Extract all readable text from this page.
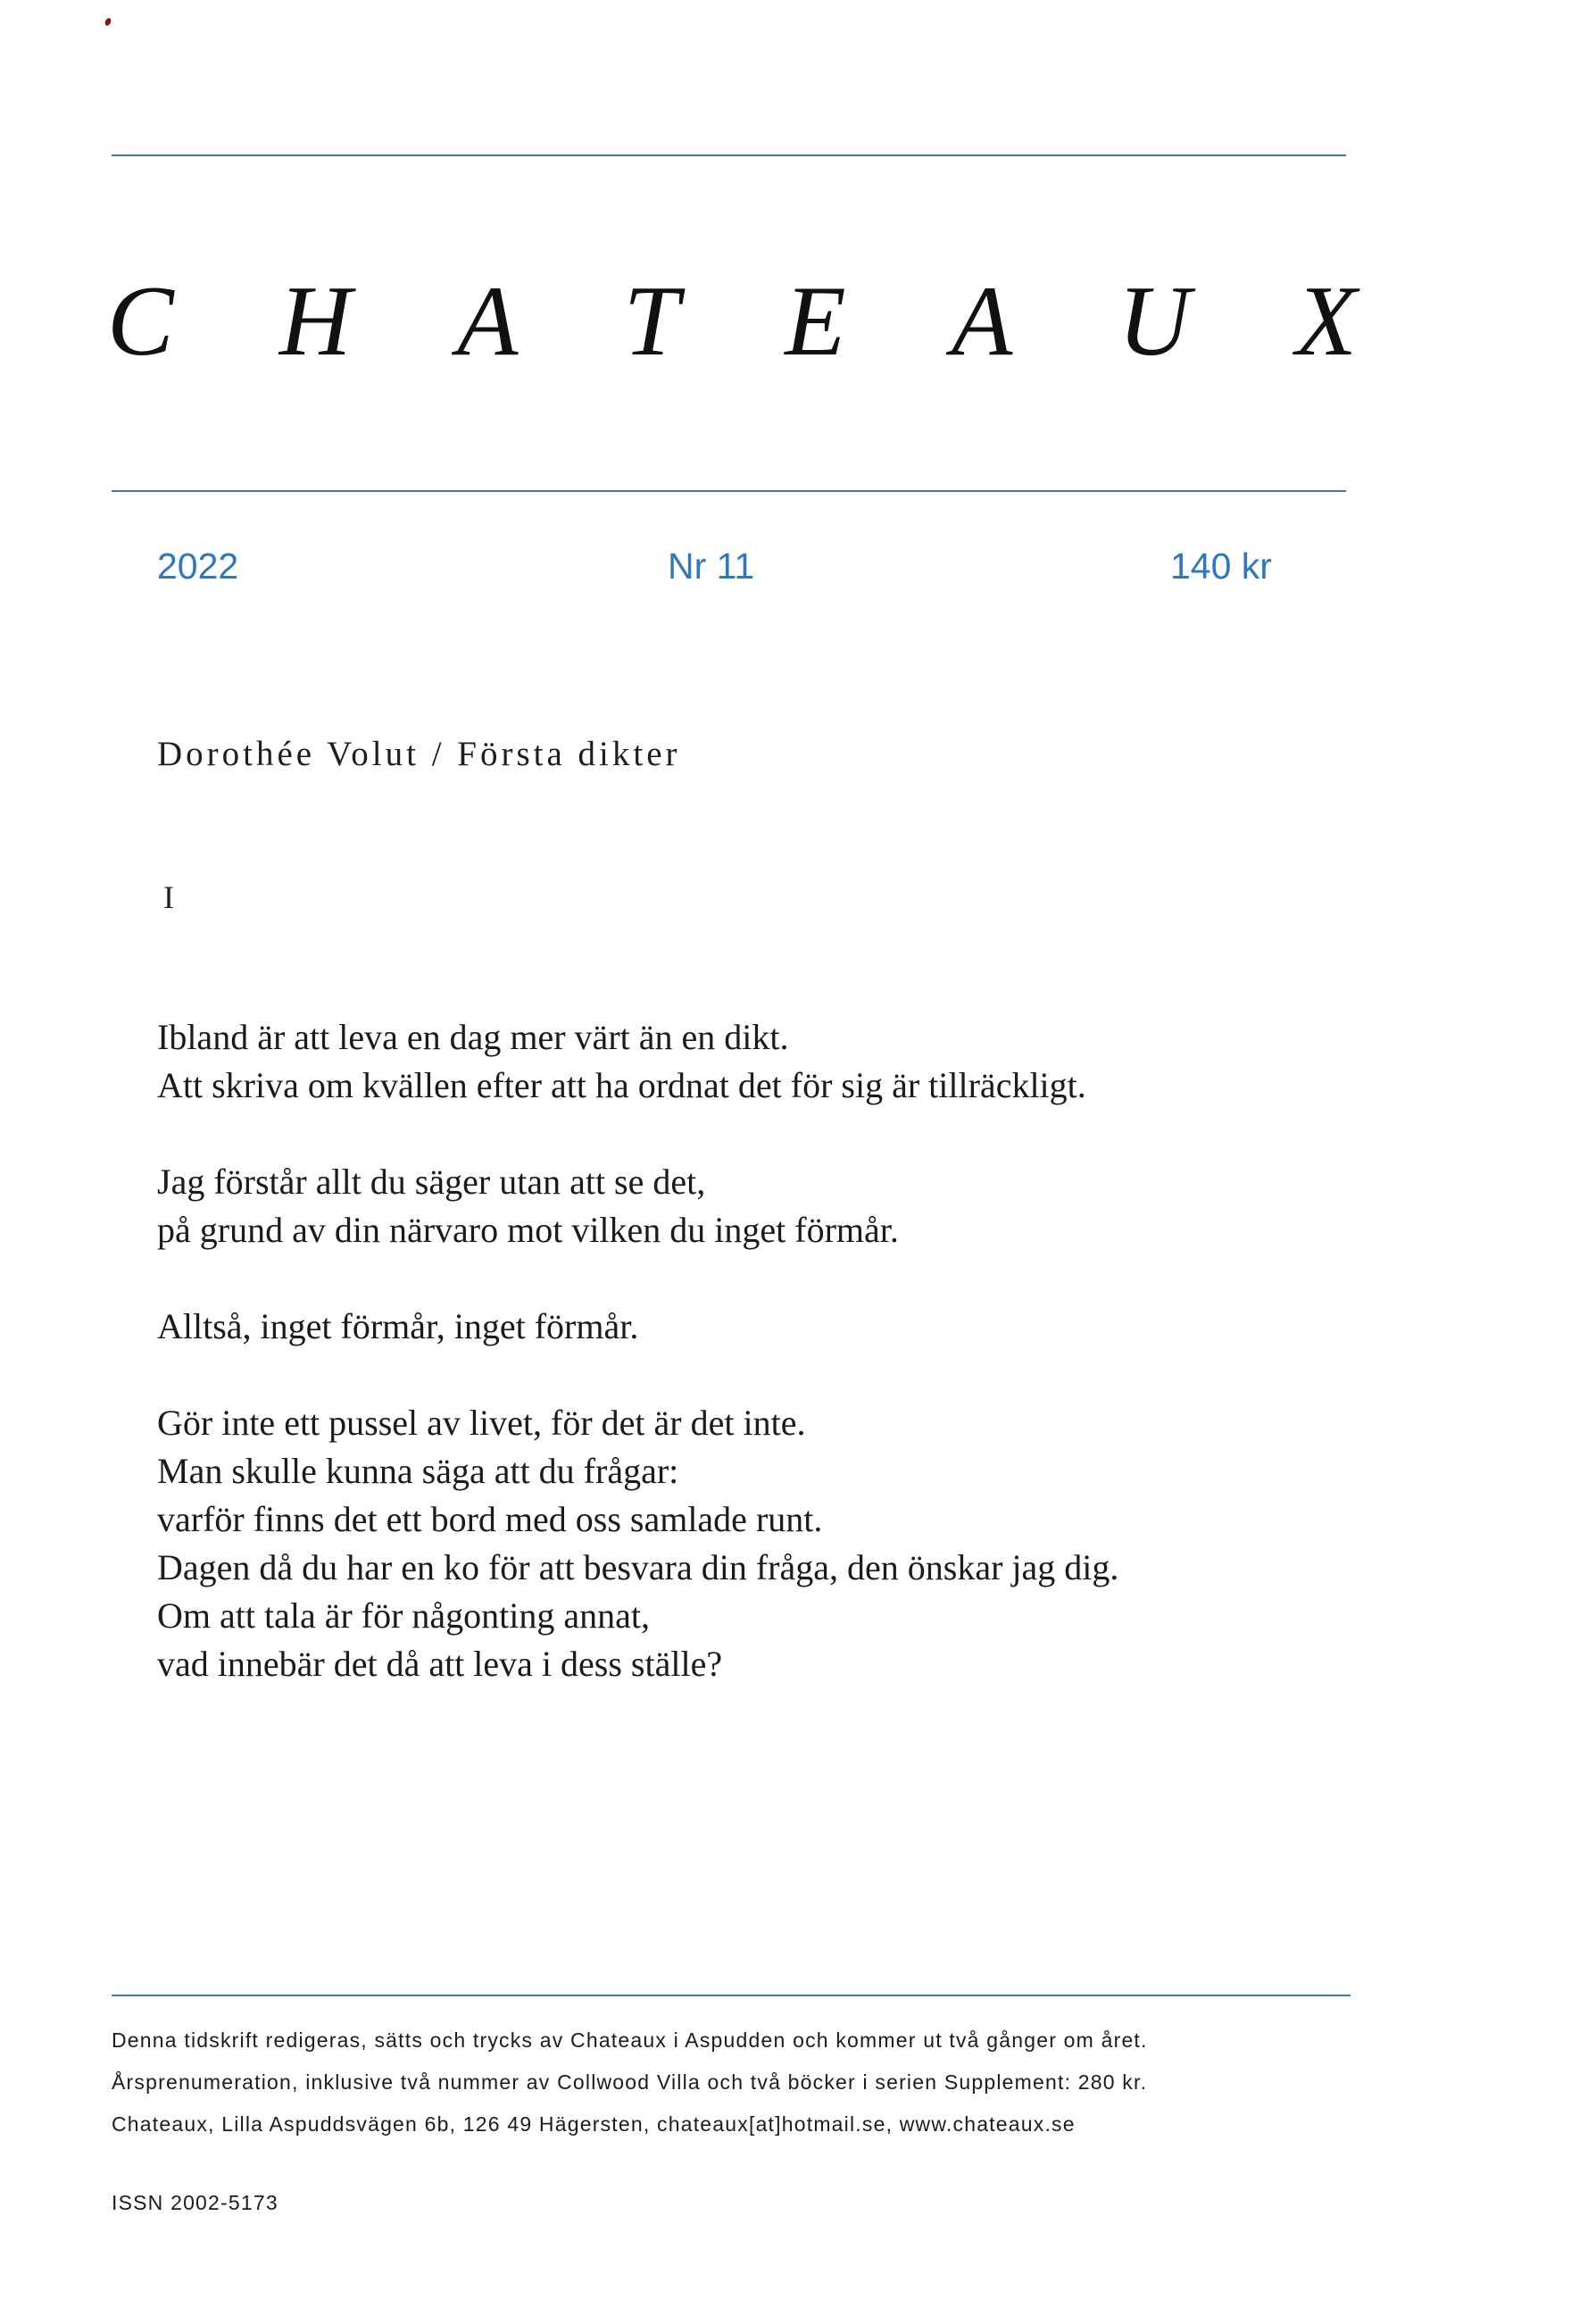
C H A T E A U X
2022	Nr 11	140 kr
Dorothée Volut / Första dikter
I
Ibland är att leva en dag mer värt än en dikt.
Att skriva om kvällen efter att ha ordnat det för sig är tillräckligt.
Jag förstår allt du säger utan att se det,
på grund av din närvaro mot vilken du inget förmår.
Alltså, inget förmår, inget förmår.
Gör inte ett pussel av livet, för det är det inte.
Man skulle kunna säga att du frågar:
varför finns det ett bord med oss samlade runt.
Dagen då du har en ko för att besvara din fråga, den önskar jag dig.
Om att tala är för någonting annat,
vad innebär det då att leva i dess ställe?
Denna tidskrift redigeras, sätts och trycks av Chateaux i Aspudden och kommer ut två gånger om året.
Årsprenumeration, inklusive två nummer av Collwood Villa och två böcker i serien Supplement: 280 kr.
Chateaux, Lilla Aspuddsvägen 6b, 126 49 Hägersten, chateaux[at]hotmail.se, www.chateaux.se
ISSN 2002-5173
